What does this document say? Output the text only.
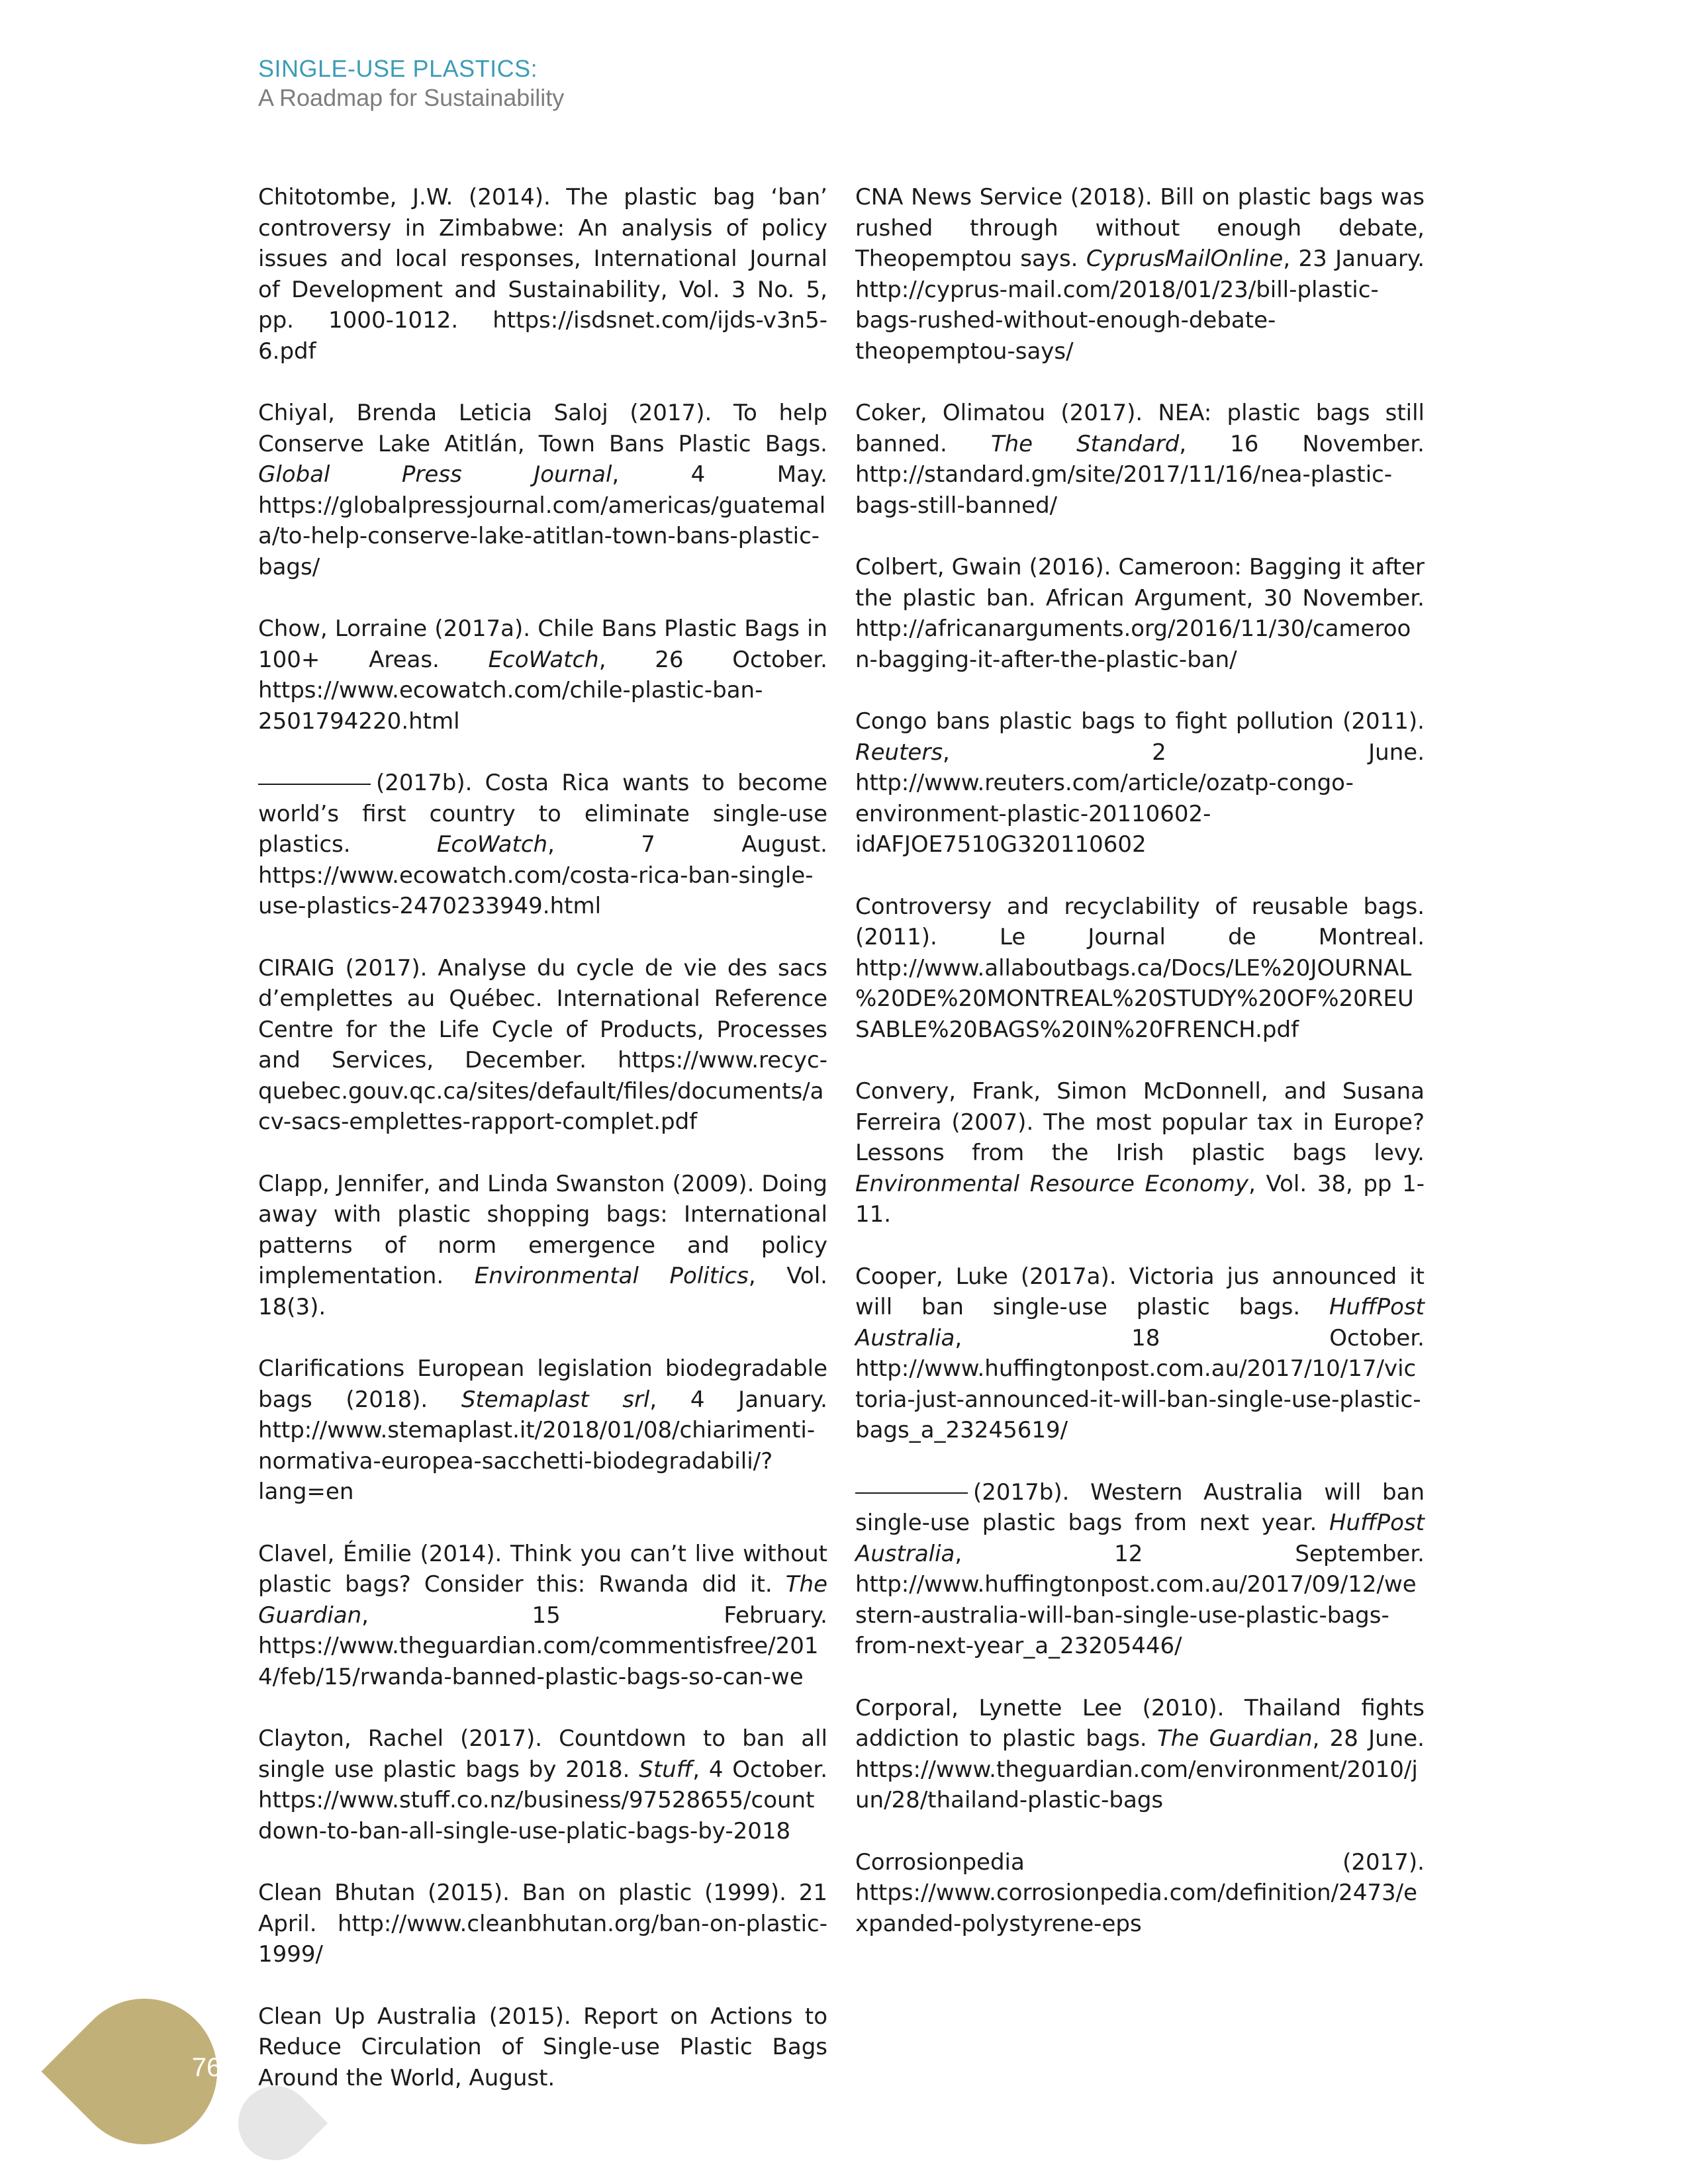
SINGLE-USE PLASTICS:
A Roadmap for Sustainability

Chitotombe, J.W. (2014). The plastic bag ‘ban’ controversy in Zimbabwe: An analysis of policy issues and local responses, International Journal of Development and Sustainability, Vol. 3 No. 5, pp. 1000-1012. https://isdsnet.com/ijds-v3n5-6.pdf

Chiyal, Brenda Leticia Saloj (2017). To help Conserve Lake Atitlán, Town Bans Plastic Bags. Global Press Journal, 4 May. https://globalpressjournal.com/americas/guatemala/to-help-conserve-lake-atitlan-town-bans-plastic-bags/

Chow, Lorraine (2017a). Chile Bans Plastic Bags in 100+ Areas. EcoWatch, 26 October. https://www.ecowatch.com/chile-plastic-ban-2501794220.html

(2017b). Costa Rica wants to become world’s first country to eliminate single-use plastics. EcoWatch, 7 August. https://www.ecowatch.com/costa-rica-ban-single-use-plastics-2470233949.html

CIRAIG (2017). Analyse du cycle de vie des sacs d’emplettes au Québec. International Reference Centre for the Life Cycle of Products, Processes and Services, December. https://www.recyc-quebec.gouv.qc.ca/sites/default/files/documents/acv-sacs-emplettes-rapport-complet.pdf

Clapp, Jennifer, and Linda Swanston (2009). Doing away with plastic shopping bags: International patterns of norm emergence and policy implementation. Environmental Politics, Vol. 18(3).

Clarifications European legislation biodegradable bags (2018). Stemaplast srl, 4 January. http://www.stemaplast.it/2018/01/08/chiarimenti-normativa-europea-sacchetti-biodegradabili/?lang=en

Clavel, Émilie (2014). Think you can’t live without plastic bags? Consider this: Rwanda did it. The Guardian, 15 February. https://www.theguardian.com/commentisfree/2014/feb/15/rwanda-banned-plastic-bags-so-can-we

Clayton, Rachel (2017). Countdown to ban all single use plastic bags by 2018. Stuff, 4 October. https://www.stuff.co.nz/business/97528655/countdown-to-ban-all-single-use-platic-bags-by-2018

Clean Bhutan (2015). Ban on plastic (1999). 21 April. http://www.cleanbhutan.org/ban-on-plastic-1999/

Clean Up Australia (2015). Report on Actions to Reduce Circulation of Single-use Plastic Bags Around the World, August.

CNA News Service (2018). Bill on plastic bags was rushed through without enough debate, Theopemptou says. CyprusMailOnline, 23 January. http://cyprus-mail.com/2018/01/23/bill-plastic-bags-rushed-without-enough-debate-theopemptou-says/

Coker, Olimatou (2017). NEA: plastic bags still banned. The Standard, 16 November. http://standard.gm/site/2017/11/16/nea-plastic-bags-still-banned/

Colbert, Gwain (2016). Cameroon: Bagging it after the plastic ban. African Argument, 30 November. http://africanarguments.org/2016/11/30/cameroon-bagging-it-after-the-plastic-ban/

Congo bans plastic bags to fight pollution (2011). Reuters, 2 June. http://www.reuters.com/article/ozatp-congo-environment-plastic-20110602-idAFJOE7510G320110602

Controversy and recyclability of reusable bags. (2011). Le Journal de Montreal. http://www.allaboutbags.ca/Docs/LE%20JOURNAL%20DE%20MONTREAL%20STUDY%20OF%20REUSABLE%20BAGS%20IN%20FRENCH.pdf

Convery, Frank, Simon McDonnell, and Susana Ferreira (2007). The most popular tax in Europe? Lessons from the Irish plastic bags levy. Environmental Resource Economy, Vol. 38, pp 1-11.

Cooper, Luke (2017a). Victoria jus announced it will ban single-use plastic bags. HuffPost Australia, 18 October. http://www.huffingtonpost.com.au/2017/10/17/victoria-just-announced-it-will-ban-single-use-plastic-bags_a_23245619/

(2017b). Western Australia will ban single-use plastic bags from next year. HuffPost Australia, 12 September. http://www.huffingtonpost.com.au/2017/09/12/western-australia-will-ban-single-use-plastic-bags-from-next-year_a_23205446/

Corporal, Lynette Lee (2010). Thailand fights addiction to plastic bags. The Guardian, 28 June. https://www.theguardian.com/environment/2010/jun/28/thailand-plastic-bags

Corrosionpedia (2017). https://www.corrosionpedia.com/definition/2473/expanded-polystyrene-eps

76
